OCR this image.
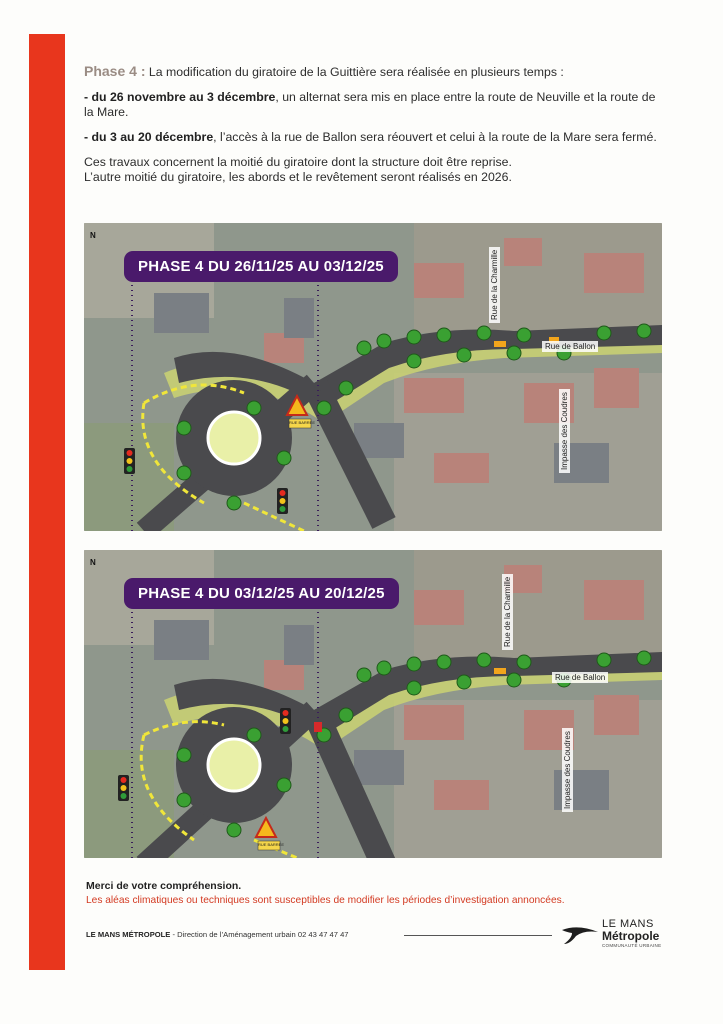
Phase 4 : La modification du giratoire de la Guittière sera réalisée en plusieurs temps :

- du 26 novembre au 3 décembre, un alternat sera mis en place entre la route de Neuville et la route de la Mare.

- du 3 au 20 décembre, l’accès à la rue de Ballon sera réouvert et celui à la route de la Mare sera fermé.

Ces travaux concernent la moitié du giratoire dont la structure doit être reprise.
L’autre moitié du giratoire, les abords et le revêtement seront réalisés en 2026.

N
PHASE 4 DU 26/11/25 AU 03/12/25	Rue de la Charmille
Rue de Ballon
Impasse des Coudres
RUE BARRÉE
N
PHASE 4 DU 03/12/25 AU 20/12/25	Rue de la Charmille
Rue de Ballon
Impasse des Coudres
RUE BARRÉE
Merci de votre compréhension.
Les aléas climatiques ou techniques sont susceptibles de modifier les périodes d’investigation annoncées.
LE MANS MÉTROPOLE - Direction de l’Aménagement urbain 02 43 47 47 47
LE MANS
Métropole
COMMUNAUTÉ URBAINE
